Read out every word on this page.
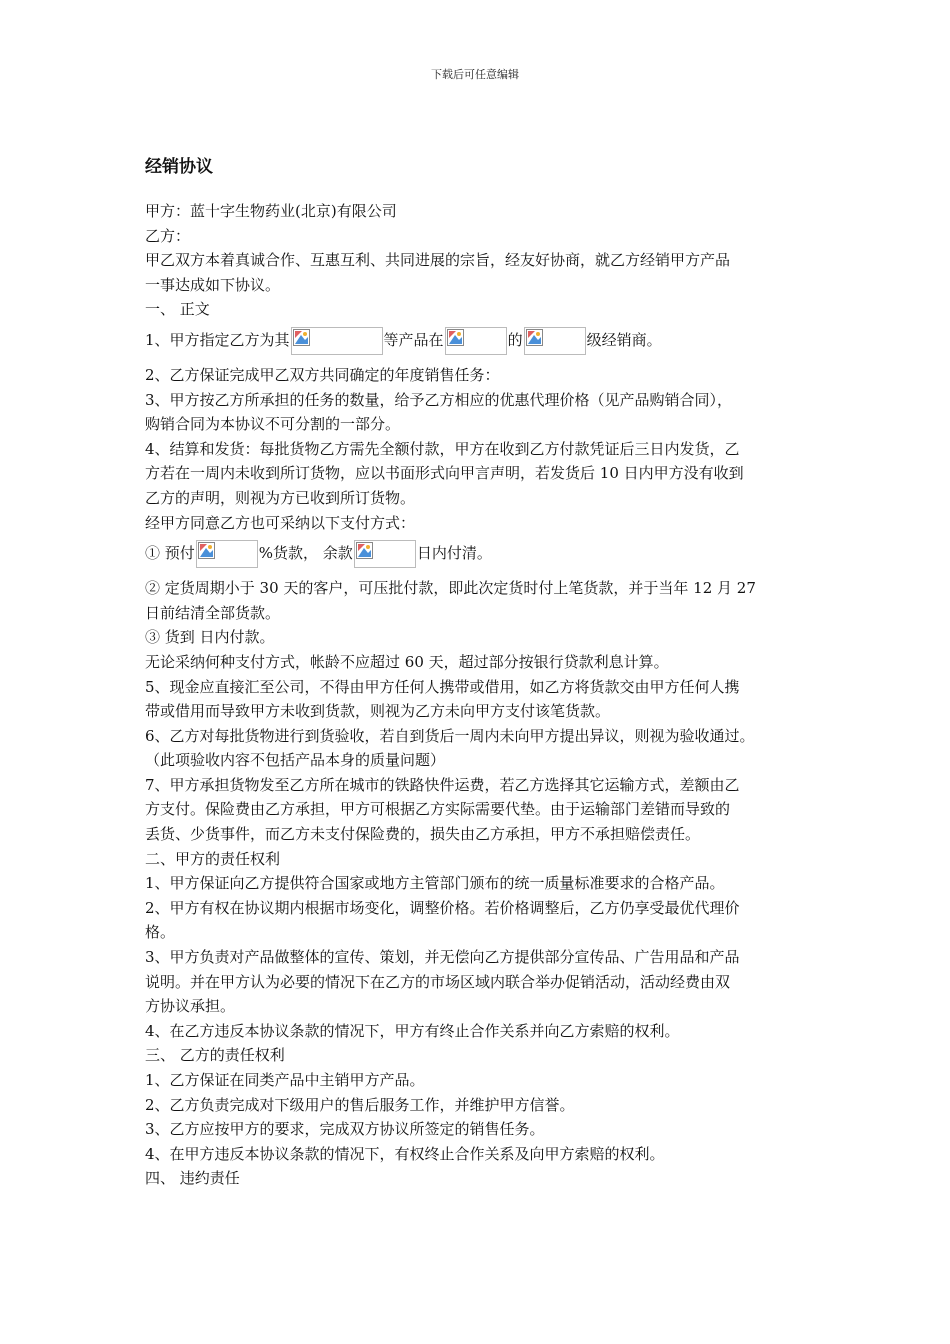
下载后可任意编辑
经销协议
甲方：蓝十字生物药业(北京)有限公司
乙方：
甲乙双方本着真诚合作、互惠互利、共同进展的宗旨，经友好协商，就乙方经销甲方产品
一事达成如下协议。
一、 正文
1、甲方指定乙方为其	等产品在	的	级经销商。
2、乙方保证完成甲乙双方共同确定的年度销售任务：
3、甲方按乙方所承担的任务的数量，给予乙方相应的优惠代理价格（见产品购销合同），
购销合同为本协议不可分割的一部分。
4、结算和发货：每批货物乙方需先全额付款，甲方在收到乙方付款凭证后三日内发货，乙
方若在一周内未收到所订货物，应以书面形式向甲言声明，若发货后 10 日内甲方没有收到
乙方的声明，则视为方已收到所订货物。
经甲方同意乙方也可采纳以下支付方式：
① 预付	%货款， 余款	日内付清。
② 定货周期小于 30 天的客户，可压批付款，即此次定货时付上笔货款，并于当年 12 月 27
日前结清全部货款。
③ 货到 日内付款。
无论采纳何种支付方式，帐龄不应超过 60 天，超过部分按银行贷款利息计算。
5、现金应直接汇至公司，不得由甲方任何人携带或借用，如乙方将货款交由甲方任何人携
带或借用而导致甲方未收到货款，则视为乙方未向甲方支付该笔货款。
6、乙方对每批货物进行到货验收，若自到货后一周内未向甲方提出异议，则视为验收通过。
（此项验收内容不包括产品本身的质量问题）
7、甲方承担货物发至乙方所在城市的铁路快件运费，若乙方选择其它运输方式，差额由乙
方支付。保险费由乙方承担，甲方可根据乙方实际需要代垫。由于运输部门差错而导致的
丢货、少货事件，而乙方未支付保险费的，损失由乙方承担，甲方不承担赔偿责任。
二、甲方的责任权利
1、甲方保证向乙方提供符合国家或地方主管部门颁布的统一质量标准要求的合格产品。
2、甲方有权在协议期内根据市场变化，调整价格。若价格调整后，乙方仍享受最优代理价
格。
3、甲方负责对产品做整体的宣传、策划，并无偿向乙方提供部分宣传品、广告用品和产品
说明。并在甲方认为必要的情况下在乙方的市场区域内联合举办促销活动，活动经费由双
方协议承担。
4、在乙方违反本协议条款的情况下，甲方有终止合作关系并向乙方索赔的权利。
三、 乙方的责任权利
1、乙方保证在同类产品中主销甲方产品。
2、乙方负责完成对下级用户的售后服务工作，并维护甲方信誉。
3、乙方应按甲方的要求，完成双方协议所签定的销售任务。
4、在甲方违反本协议条款的情况下，有权终止合作关系及向甲方索赔的权利。
四、 违约责任
